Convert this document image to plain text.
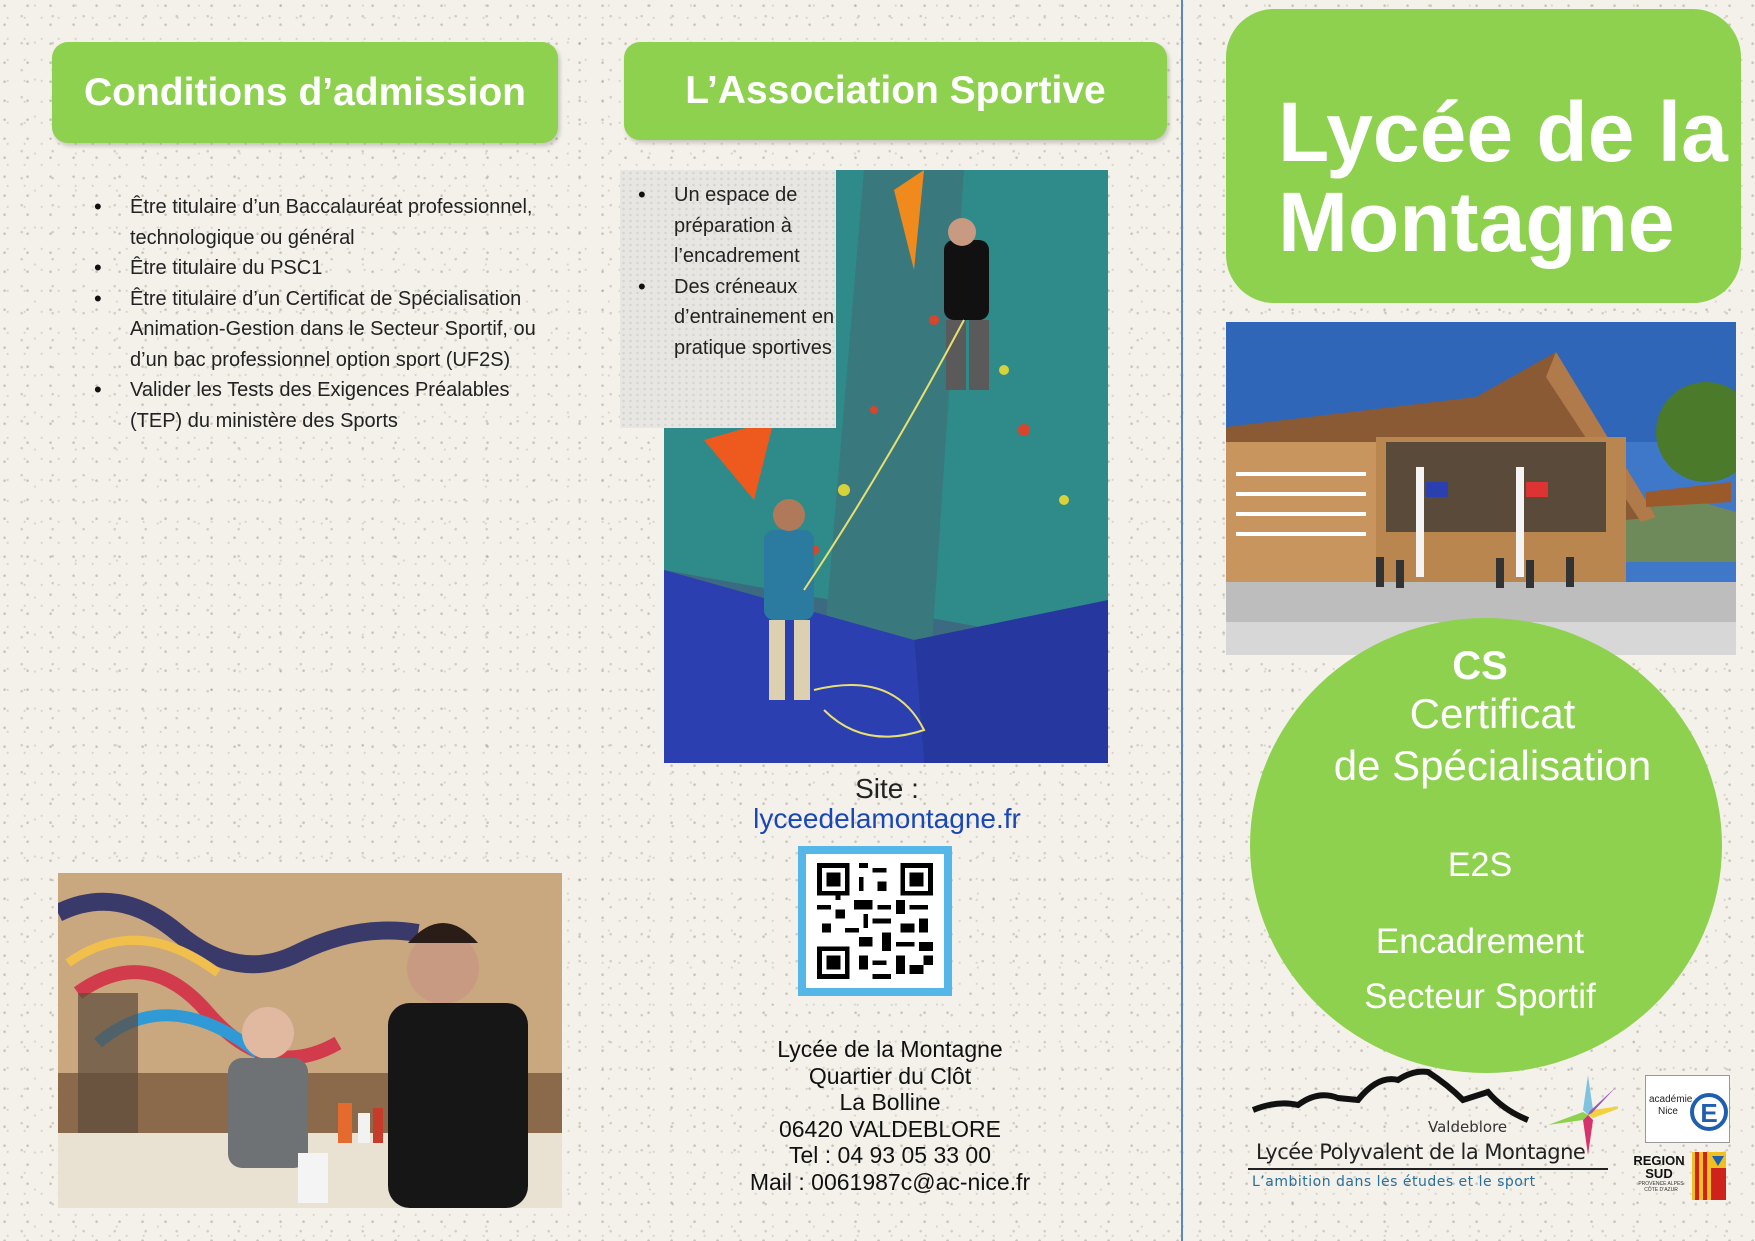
Conditions d’admission
• Être titulaire d’un Baccalauréat professionnel, technologique ou général
• Être titulaire du PSC1
• Être titulaire d’un Certificat de Spécialisation Animation-Gestion dans le Secteur Sportif, ou d’un bac professionnel option sport (UF2S)
• Valider les Tests des Exigences Préalables (TEP) du ministère des Sports
L’Association Sportive
• Un espace de préparation à l’encadrement
• Des créneaux d’entrainement en pratique sportives
Site :
lyceedelamontagne.fr
Lycée de la Montagne
Quartier du Clôt
La Bolline
06420 VALDEBLORE
Tel : 04 93 05 33 00
Mail : 0061987c@ac-nice.fr
Lycée de la
Montagne
CS
Certificat
de Spécialisation
E2S
Encadrement
Secteur Sportif
Valdeblore
Lycée Polyvalent de la Montagne
L’ambition dans les études et le sport
académie Nice E
REGION SUD
PROVENCE ALPES CÔTE D’AZUR
